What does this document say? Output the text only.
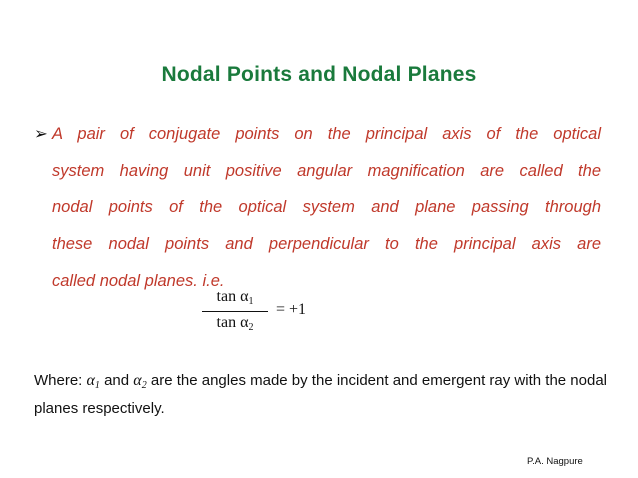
Nodal Points and Nodal Planes
➢ A pair of conjugate points on the principal axis of the optical
system having unit positive angular magnification are called the
nodal points of the optical system and plane passing through
these nodal points and perpendicular to the principal axis are
called nodal planes. i.e.
$\tan \alpha_1$
$\tan \alpha_2$
= +1
Where: $\alpha_1$ and $\alpha_2$ are the angles made by the incident and emergent ray with the nodal planes respectively.
P.A. Nagpure
